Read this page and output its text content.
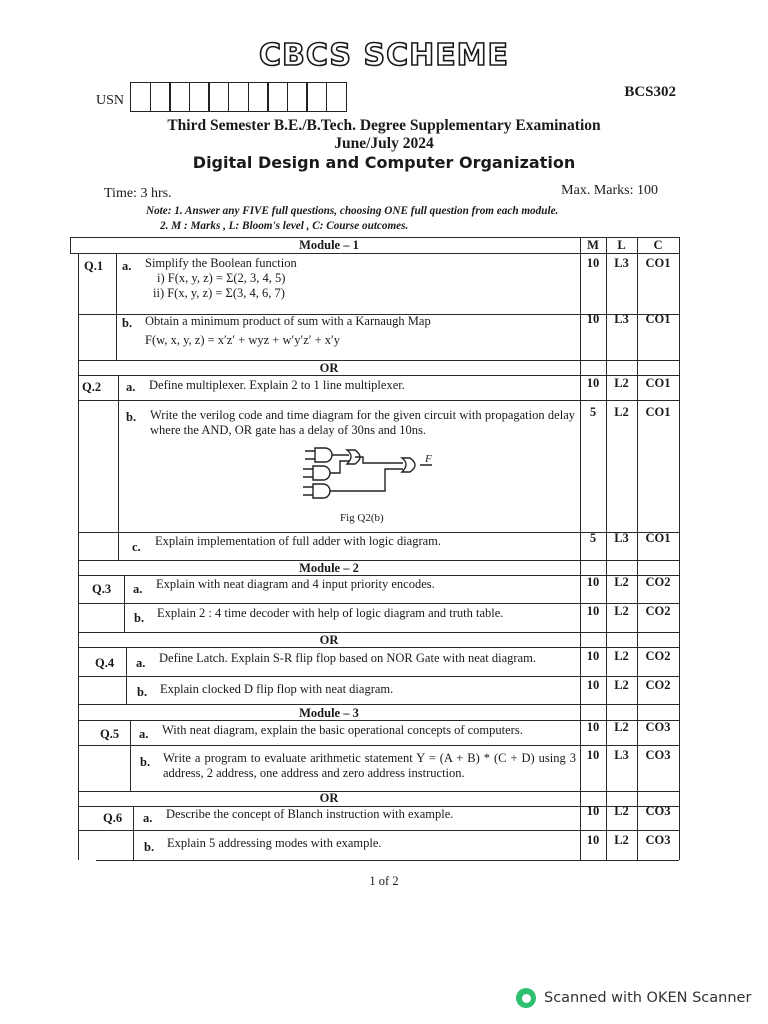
CBCS SCHEME
BCS302
USN
Third Semester B.E./B.Tech. Degree Supplementary Examination
June/July 2024
Digital Design and Computer Organization
Time: 3 hrs.	Max. Marks: 100
Note: 1. Answer any FIVE full questions, choosing ONE full question from each module.
2. M : Marks , L: Bloom's level , C: Course outcomes.
Module – 1	M	L	C
Q.1 a. Simplify the Boolean function
i) F(x, y, z) = Σ(2, 3, 4, 5)
ii) F(x, y, z) = Σ(3, 4, 6, 7)
10	L3	CO1
b. Obtain a minimum product of sum with a Karnaugh Map
F(w, x, y, z) = x′z′ + wyz + w′y′z′ + x′y
10	L3	CO1
OR
Q.2 a. Define multiplexer. Explain 2 to 1 line multiplexer.	10	L2	CO1
b. Write the verilog code and time diagram for the given circuit with propagation delay where the AND, OR gate has a delay of 30ns and 10ns.
F
Fig Q2(b)
5	L2	CO1
c. Explain implementation of full adder with logic diagram.	5	L3	CO1
Module – 2
Q.3 a. Explain with neat diagram and 4 input priority encodes.	10	L2	CO2
b. Explain 2 : 4 time decoder with help of logic diagram and truth table.	10	L2	CO2
OR
Q.4 a. Define Latch. Explain S-R flip flop based on NOR Gate with neat diagram.	10	L2	CO2
b. Explain clocked D flip flop with neat diagram.	10	L2	CO2
Module – 3
Q.5 a. With neat diagram, explain the basic operational concepts of computers.	10	L2	CO3
b. Write a program to evaluate arithmetic statement Y = (A + B) * (C + D) using 3 address, 2 address, one address and zero address instruction.
10	L3	CO3
OR
Q.6 a. Describe the concept of Blanch instruction with example.	10	L2	CO3
b. Explain 5 addressing modes with example.	10	L2	CO3
1 of 2
Scanned with OKEN Scanner
